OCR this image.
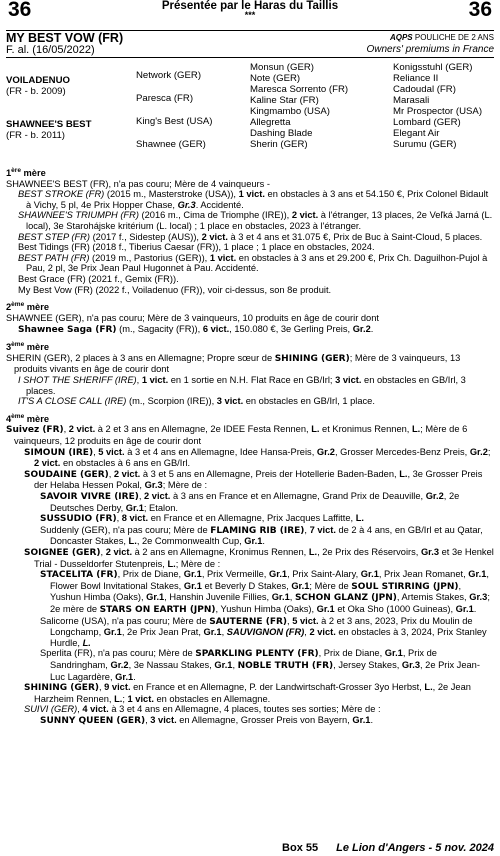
36	Présentée par le Haras du Taillis
***	36
MY BEST VOW (FR)
F. al. (16/05/2022)
AQPS POULICHE DE 2 ANS
Owners' premiums in France
VOILADENUO
(FR - b. 2009)
SHAWNEE'S BEST
(FR - b. 2011)
Network (GER)
Paresca (FR)
King's Best (USA)
Shawnee (GER)
Monsun (GER)
Note (GER)
Maresca Sorrento (FR)
Kaline Star (FR)
Kingmambo (USA)
Allegretta
Dashing Blade
Sherin (GER)
Konigsstuhl (GER)
Reliance II
Cadoudal (FR)
Marasali
Mr Prospector (USA)
Lombard (GER)
Elegant Air
Surumu (GER)
1ère mère

SHAWNEE'S BEST (FR), n'a pas couru; Mère de 4 vainqueurs -

BEST STROKE (FR) (2015 m., Masterstroke (USA)), 1 vict. en obstacles à 3 ans et 54.150 €, Prix Colonel Bidault à Vichy, 5 pl, 4e Prix Hopper Chase, Gr.3. Accidenté.

SHAWNEE'S TRIUMPH (FR) (2016 m., Cima de Triomphe (IRE)), 2 vict. à l'étranger, 13 places, 2e Veľká Jarná (L. local), 3e Starohájske kritérium (L. local) ; 1 place en obstacles, 2023 à l'étranger.

BEST STEP (FR) (2017 f., Sidestep (AUS)), 2 vict. à 3 et 4 ans et 31.075 €, Prix de Buc à Saint-Cloud, 5 places.

Best Tidings (FR) (2018 f., Tiberius Caesar (FR)), 1 place ; 1 place en obstacles, 2024.

BEST PATH (FR) (2019 m., Pastorius (GER)), 1 vict. en obstacles à 3 ans et 29.200 €, Prix Ch. Daguilhon-Pujol à Pau, 2 pl, 3e Prix Jean Paul Hugonnet à Pau. Accidenté.

Best Grace (FR) (2021 f., Gemix (FR)).

My Best Vow (FR) (2022 f., Voiladenuo (FR)), voir ci-dessus, son 8e produit.

2ème mère

SHAWNEE (GER), n'a pas couru; Mère de 3 vainqueurs, 10 produits en âge de courir dont

Shawnee Saga (FR) (m., Sagacity (FR)), 6 vict., 150.080 €, 3e Gerling Preis, Gr.2.

3ème mère

SHERIN (GER), 2 places à 3 ans en Allemagne; Propre sœur de SHINING (GER); Mère de 3 vainqueurs, 13 produits vivants en âge de courir dont

I SHOT THE SHERIFF (IRE), 1 vict. en 1 sortie en N.H. Flat Race en GB/Irl; 3 vict. en obstacles en GB/Irl, 3 places.

IT'S A CLOSE CALL (IRE) (m., Scorpion (IRE)), 3 vict. en obstacles en GB/Irl, 1 place.

4ème mère

Suivez (FR), 2 vict. à 2 et 3 ans en Allemagne, 2e IDEE Festa Rennen, L. et Kronimus Rennen, L.; Mère de 6 vainqueurs, 12 produits en âge de courir dont

SIMOUN (IRE), 5 vict. à 3 et 4 ans en Allemagne, Idee Hansa-Preis, Gr.2, Grosser Mercedes-Benz Preis, Gr.2; 2 vict. en obstacles à 6 ans en GB/Irl.

SOUDAINE (GER), 2 vict. à 3 et 5 ans en Allemagne, Preis der Hotellerie Baden-Baden, L., 3e Grosser Preis der Helaba Hessen Pokal, Gr.3; Mère de :

SAVOIR VIVRE (IRE), 2 vict. à 3 ans en France et en Allemagne, Grand Prix de Deauville, Gr.2, 2e Deutsches Derby, Gr.1; Etalon.

SUSSUDIO (FR), 8 vict. en France et en Allemagne, Prix Jacques Laffitte, L.

Suddenly (GER), n'a pas couru; Mère de FLAMING RIB (IRE), 7 vict. de 2 à 4 ans, en GB/Irl et au Qatar, Doncaster Stakes, L., 2e Commonwealth Cup, Gr.1.

SOIGNEE (GER), 2 vict. à 2 ans en Allemagne, Kronimus Rennen, L., 2e Prix des Réservoirs, Gr.3 et 3e Henkel Trial - Dusseldorfer Stutenpreis, L.; Mère de :

STACELITA (FR), Prix de Diane, Gr.1, Prix Vermeille, Gr.1, Prix Saint-Alary, Gr.1, Prix Jean Romanet, Gr.1, Flower Bowl Invitational Stakes, Gr.1 et Beverly D Stakes, Gr.1; Mère de SOUL STIRRING (JPN), Yushun Himba (Oaks), Gr.1, Hanshin Juvenile Fillies, Gr.1, SCHON GLANZ (JPN), Artemis Stakes, Gr.3; 2e mère de STARS ON EARTH (JPN), Yushun Himba (Oaks), Gr.1 et Oka Sho (1000 Guineas), Gr.1.

Salicorne (USA), n'a pas couru; Mère de SAUTERNE (FR), 5 vict. à 2 et 3 ans, 2023, Prix du Moulin de Longchamp, Gr.1, 2e Prix Jean Prat, Gr.1, SAUVIGNON (FR), 2 vict. en obstacles à 3, 2024, Prix Stanley Hurdle, L.

Sperlita (FR), n'a pas couru; Mère de SPARKLING PLENTY (FR), Prix de Diane, Gr.1, Prix de Sandringham, Gr.2, 3e Nassau Stakes, Gr.1, NOBLE TRUTH (FR), Jersey Stakes, Gr.3, 2e Prix Jean-Luc Lagardère, Gr.1.

SHINING (GER), 9 vict. en France et en Allemagne, P. der Landwirtschaft-Grosser 3yo Herbst, L., 2e Jean Harzheim Rennen, L.; 1 vict. en obstacles en Allemagne.

SUIVI (GER), 4 vict. à 3 et 4 ans en Allemagne, 4 places, toutes ses sorties; Mère de :

SUNNY QUEEN (GER), 3 vict. en Allemagne, Grosser Preis von Bayern, Gr.1.

Box 55 Le Lion d'Angers - 5 nov. 2024
